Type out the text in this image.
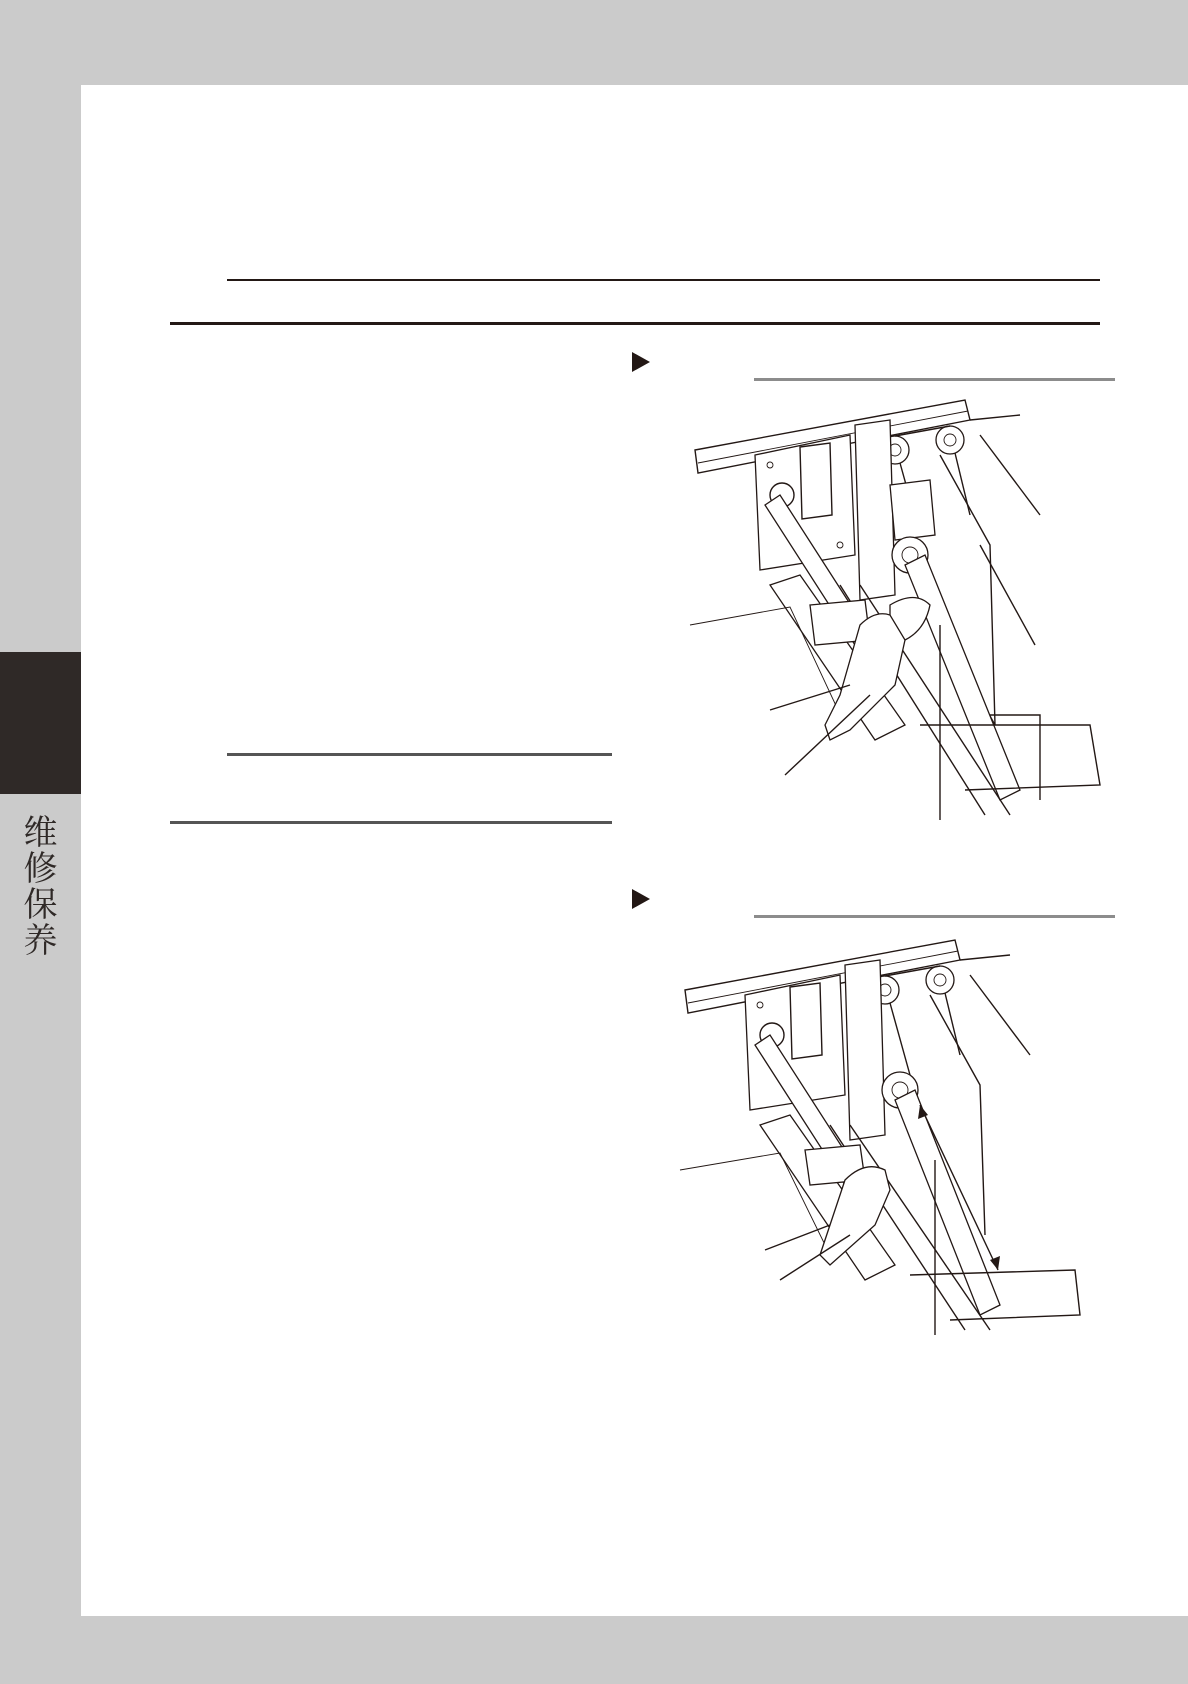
维
修
保
养
